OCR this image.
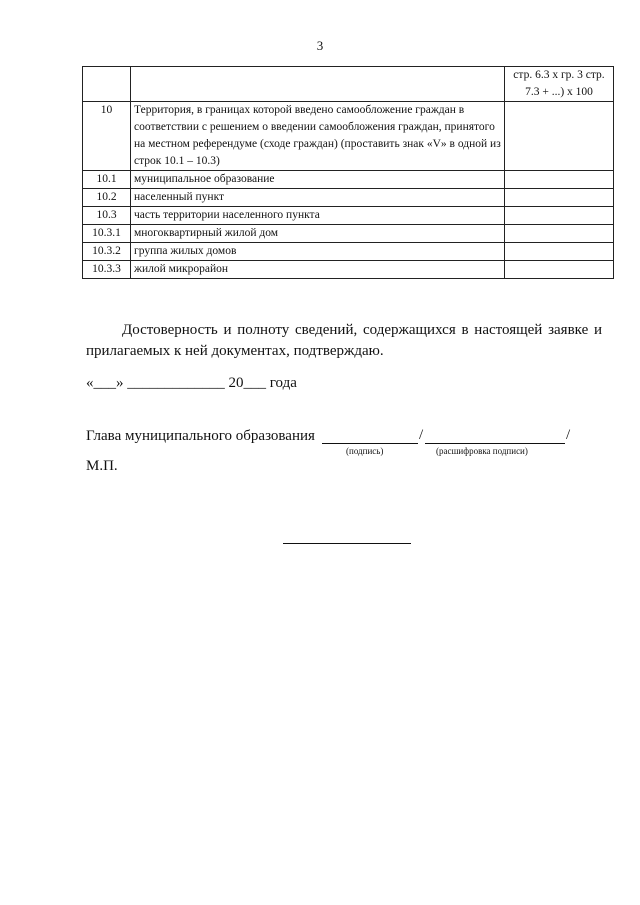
3
		стр. 6.3 х гр. 3 стр. 7.3 + ...) х 100
10	Территория, в границах которой введено самообложение граждан в соответствии с решением о введении самообложения граждан, принятого на местном референдуме (сходе граждан) (проставить знак «V» в одной из строк 10.1 – 10.3)	
10.1	муниципальное образование	
10.2	населенный пункт	
10.3	часть территории населенного пункта	
10.3.1	многоквартирный жилой дом	
10.3.2	группа жилых домов	
10.3.3	жилой микрорайон	
Достоверность и полноту сведений, содержащихся в настоящей заявке и прилагаемых к ней документах, подтверждаю.
«___» _____________ 20___ года
Глава муниципального образования	/	/
(подпись)	(расшифровка подписи)
М.П.
